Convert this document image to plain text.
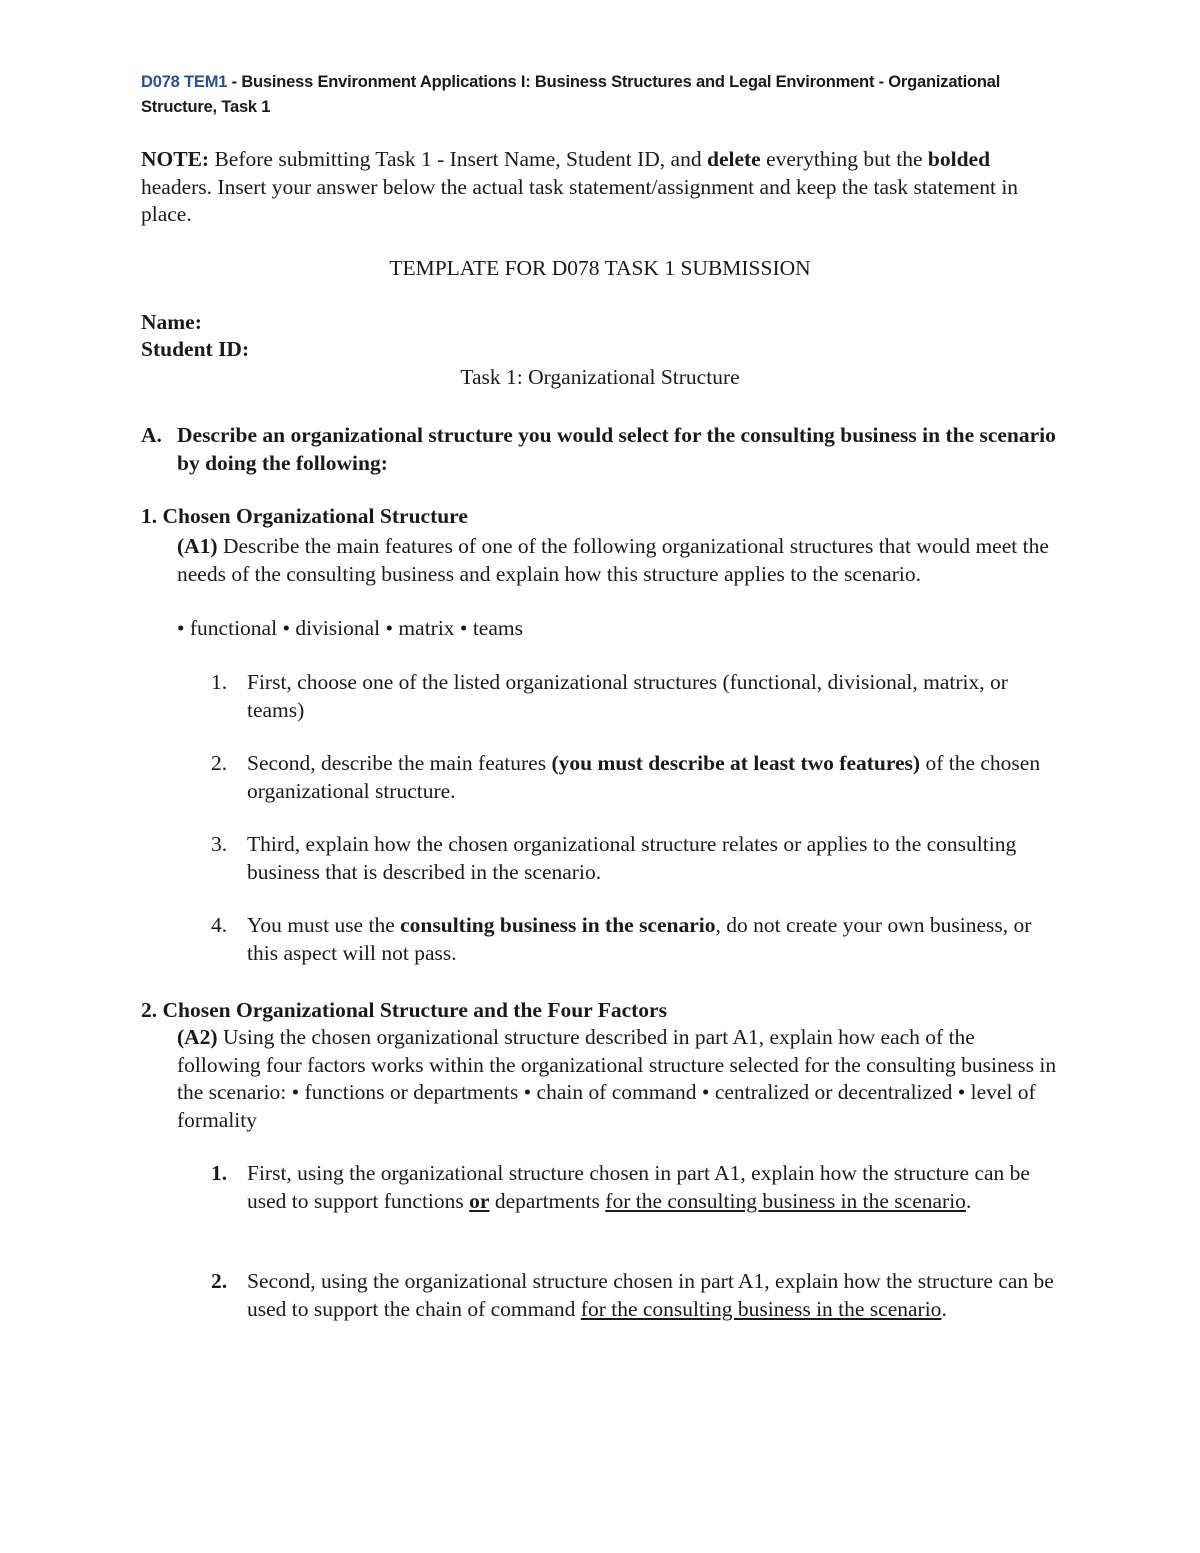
D078 TEM1 - Business Environment Applications I: Business Structures and Legal Environment - Organizational Structure, Task 1
NOTE: Before submitting Task 1 - Insert Name, Student ID, and delete everything but the bolded headers. Insert your answer below the actual task statement/assignment and keep the task statement in place.
TEMPLATE FOR D078 TASK 1 SUBMISSION
Name:
Student ID:
Task 1: Organizational Structure
A. Describe an organizational structure you would select for the consulting business in the scenario by doing the following:
1. Chosen Organizational Structure
(A1) Describe the main features of one of the following organizational structures that would meet the needs of the consulting business and explain how this structure applies to the scenario.
• functional • divisional • matrix • teams
1. First, choose one of the listed organizational structures (functional, divisional, matrix, or teams)
2. Second, describe the main features (you must describe at least two features) of the chosen organizational structure.
3. Third, explain how the chosen organizational structure relates or applies to the consulting business that is described in the scenario.
4. You must use the consulting business in the scenario, do not create your own business, or this aspect will not pass.
2. Chosen Organizational Structure and the Four Factors
(A2) Using the chosen organizational structure described in part A1, explain how each of the following four factors works within the organizational structure selected for the consulting business in the scenario: • functions or departments • chain of command • centralized or decentralized • level of formality
1. First, using the organizational structure chosen in part A1, explain how the structure can be used to support functions or departments for the consulting business in the scenario.
2. Second, using the organizational structure chosen in part A1, explain how the structure can be used to support the chain of command for the consulting business in the scenario.
